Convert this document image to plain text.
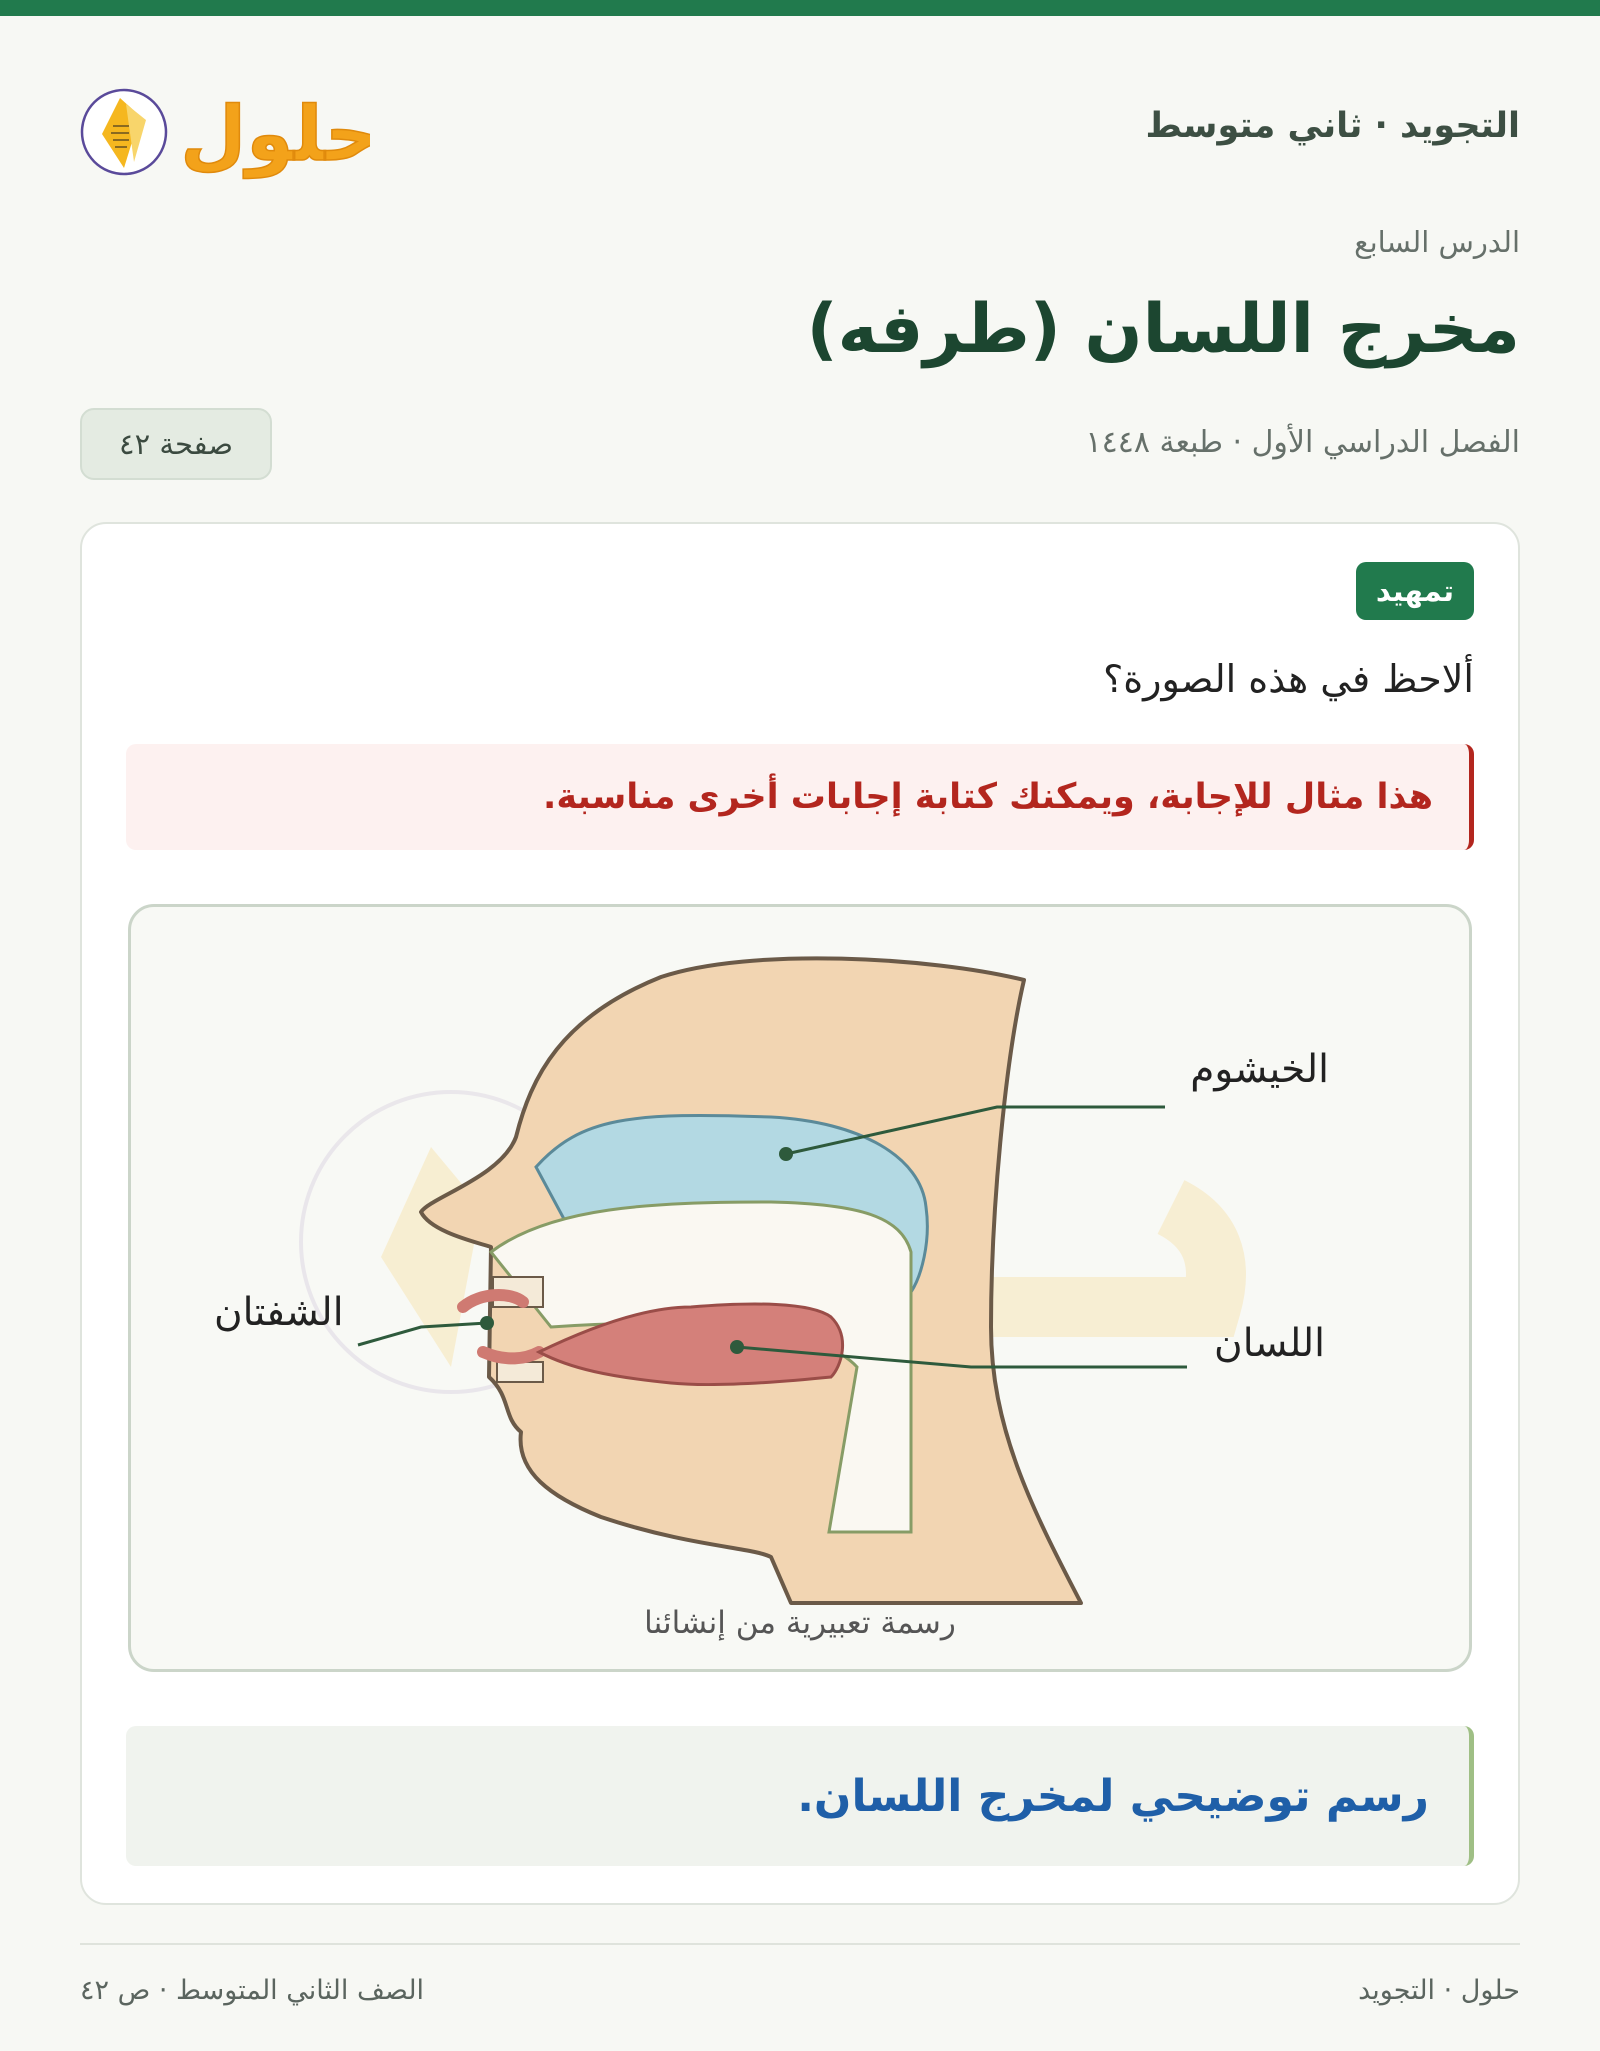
التجويد · ثاني متوسط
حلول
الدرس السابع
مخرج اللسان (طرفه)
الفصل الدراسي الأول · طبعة ١٤٤٨
صفحة ٤٢
تمهيد
ألاحظ في هذه الصورة؟
هذا مثال للإجابة، ويمكنك كتابة إجابات أخرى مناسبة.
الخيشوم
الشفتان
اللسان
رسمة تعبيرية من إنشائنا
رسم توضيحي لمخرج اللسان.
حلول · التجويد
الصف الثاني المتوسط · ص ٤٢
